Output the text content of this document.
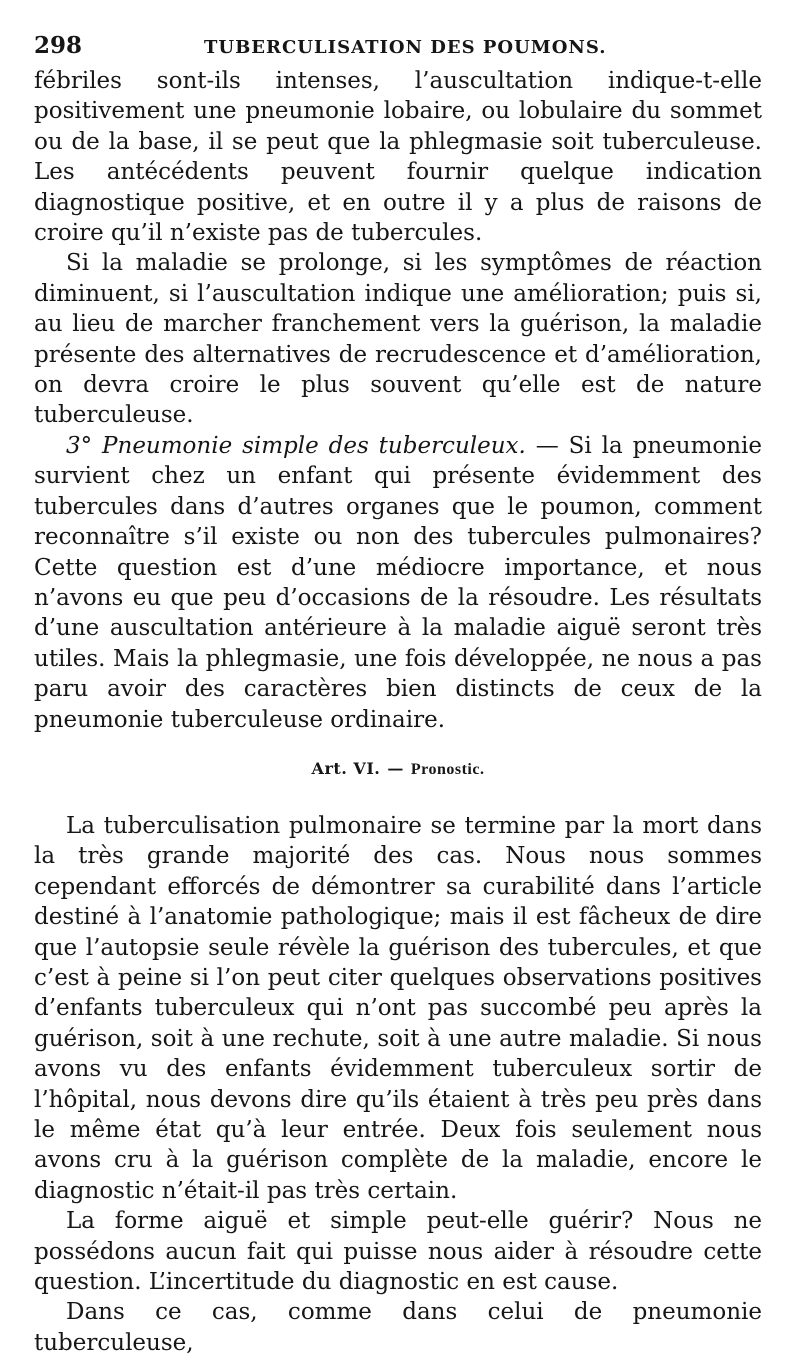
298	TUBERCULISATION DES POUMONS.

fébriles sont-ils intenses, l’auscultation indique-t-elle positivement une pneumonie lobaire, ou lobulaire du sommet ou de la base, il se peut que la phlegmasie soit tuberculeuse. Les antécédents peuvent fournir quelque indication diagnostique positive, et en outre il y a plus de raisons de croire qu’il n’existe pas de tubercules.

Si la maladie se prolonge, si les symptômes de réaction diminuent, si l’auscultation indique une amélioration; puis si, au lieu de marcher franchement vers la guérison, la maladie présente des alternatives de recrudescence et d’amélioration, on devra croire le plus souvent qu’elle est de nature tuberculeuse.

3° Pneumonie simple des tuberculeux. — Si la pneumonie survient chez un enfant qui présente évidemment des tubercules dans d’autres organes que le poumon, comment reconnaître s’il existe ou non des tubercules pulmonaires? Cette question est d’une médiocre importance, et nous n’avons eu que peu d’occasions de la résoudre. Les résultats d’une auscultation antérieure à la maladie aiguë seront très utiles. Mais la phlegmasie, une fois développée, ne nous a pas paru avoir des caractères bien distincts de ceux de la pneumonie tuberculeuse ordinaire.

Art. VI. — Pronostic.

La tuberculisation pulmonaire se termine par la mort dans la très grande majorité des cas. Nous nous sommes cependant efforcés de démontrer sa curabilité dans l’article destiné à l’anatomie pathologique; mais il est fâcheux de dire que l’autopsie seule révèle la guérison des tubercules, et que c’est à peine si l’on peut citer quelques observations positives d’enfants tuberculeux qui n’ont pas succombé peu après la guérison, soit à une rechute, soit à une autre maladie. Si nous avons vu des enfants évidemment tuberculeux sortir de l’hôpital, nous devons dire qu’ils étaient à très peu près dans le même état qu’à leur entrée. Deux fois seulement nous avons cru à la guérison complète de la maladie, encore le diagnostic n’était-il pas très certain.

La forme aiguë et simple peut-elle guérir? Nous ne possédons aucun fait qui puisse nous aider à résoudre cette question. L’incertitude du diagnostic en est cause.

Dans ce cas, comme dans celui de pneumonie tuberculeuse,
